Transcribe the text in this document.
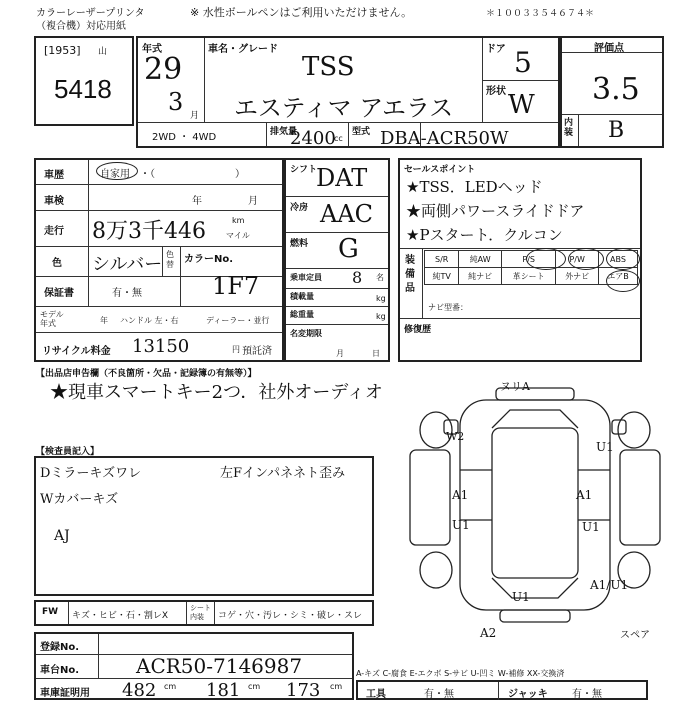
カラーレーザープリンタ
（複合機）対応用紙
※ 水性ボールペンはご利用いただけません。	＊１００３３５４６７４＊
[1953] 山
5418
年式
29
3 月
車名・グレード
TSS
エスティマ アエラス
ドア 5
形状 W
2WD ・ 4WD	排気量
2400
cc
型式 DBA-ACR50W
評価点
3.5
内装 B
車歴	自家用 ・（　　　　　　　　）
車検	年	月
走行 8万3千446	km
マイル
色 シルバー 色替 カラーNo.
1F7
保証書	有・無
モデル年式	年 ハンドル 左・右	ディーラー・並行
リサイクル料金 13150	円 預託済
シフト
DAT
冷房 AAC
燃料 G
乗車定員 8 名
積載量	kg
総重量	kg
名変期限
月	日
セールスポイント
★TSS．LEDヘッド
★両側パワースライドドア
★Pスタート．クルコン
装備品
S/R	純AW	P/S	P/W	ABS
純TV	純ナビ	革シート	外ナビ	エアB
ナビ型番：
修復歴
【出品店申告欄（不良箇所・欠品・記録簿の有無等）】
★現車スマートキー2つ．社外オーディオ
【検査員記入】
Dミラーキズワレ
Wカバーキズ
AJ
左Fインパネネト歪み
ヌリA
W2
A1
U1
U1
A1
U1
U1
A1/U1
A2	スペア
FW キズ・ヒビ・石・割レX
シート内装	コゲ・穴・汚レ・シミ・破レ・スレ
登録No.
車台No.	ACR50-7146987
車庫証明用 482 cm 181 cm 173 cm
A-キズ C-腐食 E-エクボ S-サビ U-凹ミ W-補修 XX-交換済
工具	有・無	ジャッキ 有・無
